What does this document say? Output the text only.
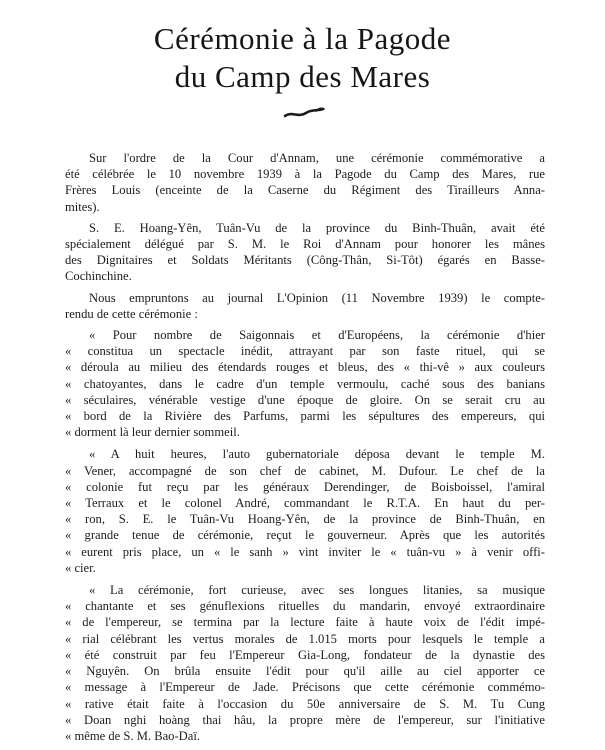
Cérémonie à la Pagode
du Camp des Mares

Sur l'ordre de la Cour d'Annam, une cérémonie commémorative a
été célébrée le 10 novembre 1939 à la Pagode du Camp des Mares, rue
Frères Louis (enceinte de la Caserne du Régiment des Tirailleurs Anna-
mites).

S. E. Hoang-Yên, Tuân-Vu de la province du Binh-Thuân, avait été
spécialement délégué par S. M. le Roi d'Annam pour honorer les mânes
des Dignitaires et Soldats Méritants (Công-Thân, Si-Tôt) égarés en Basse-
Cochinchine.

Nous empruntons au journal L'Opinion (11 Novembre 1939) le compte-
rendu de cette cérémonie :

« Pour nombre de Saigonnais et d'Européens, la cérémonie d'hier
« constitua un spectacle inédit, attrayant par son faste rituel, qui se
« déroula au milieu des étendards rouges et bleus, des « thi-vê » aux couleurs
« chatoyantes, dans le cadre d'un temple vermoulu, caché sous des banians
« séculaires, vénérable vestige d'une époque de gloire. On se serait cru au
« bord de la Rivière des Parfums, parmi les sépultures des empereurs, qui
« dorment là leur dernier sommeil.

« A huit heures, l'auto gubernatoriale déposa devant le temple M.
« Vener, accompagné de son chef de cabinet, M. Dufour. Le chef de la
« colonie fut reçu par les généraux Derendinger, de Boisboissel, l'amiral
« Terraux et le colonel André, commandant le R.T.A. En haut du per-
« ron, S. E. le Tuân-Vu Hoang-Yên, de la province de Binh-Thuân, en
« grande tenue de cérémonie, reçut le gouverneur. Après que les autorités
« eurent pris place, un « le sanh » vint inviter le « tuân-vu » à venir offi-
« cier.

« La cérémonie, fort curieuse, avec ses longues litanies, sa musique
« chantante et ses génuflexions rituelles du mandarin, envoyé extraordinaire
« de l'empereur, se termina par la lecture faite à haute voix de l'édit impé-
« rial célébrant les vertus morales de 1.015 morts pour lesquels le temple a
« été construit par feu l'Empereur Gia-Long, fondateur de la dynastie des
« Nguyên. On brûla ensuite l'édit pour qu'il aille au ciel apporter ce
« message à l'Empereur de Jade. Précisons que cette cérémonie commémo-
« rative était faite à l'occasion du 50e anniversaire de S. M. Tu Cung
« Doan nghi hoàng thai hâu, la propre mère de l'empereur, sur l'initiative
« même de S. M. Bao-Daï.
